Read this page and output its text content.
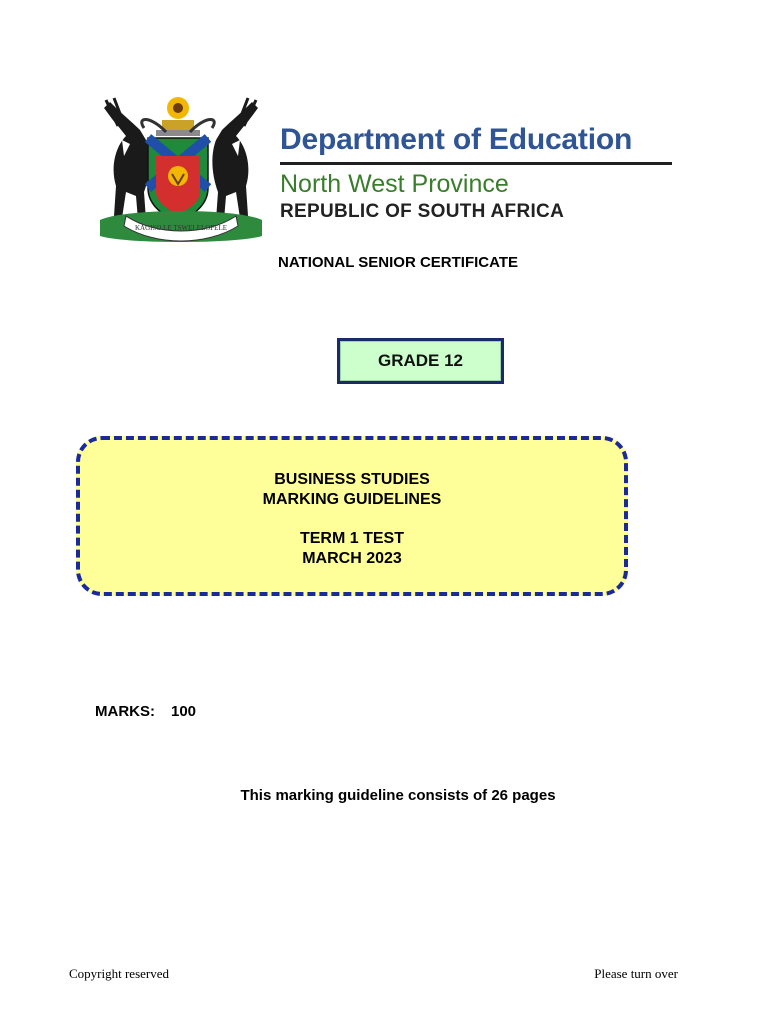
KAGISO LE TSWELELOPELE
Department of Education
North West Province
REPUBLIC OF SOUTH AFRICA
NATIONAL SENIOR CERTIFICATE
GRADE 12
BUSINESS STUDIES
MARKING GUIDELINES
TERM 1 TEST
MARCH 2023
MARKS: 100
This marking guideline consists of 26 pages
Copyright reserved	Please turn over
